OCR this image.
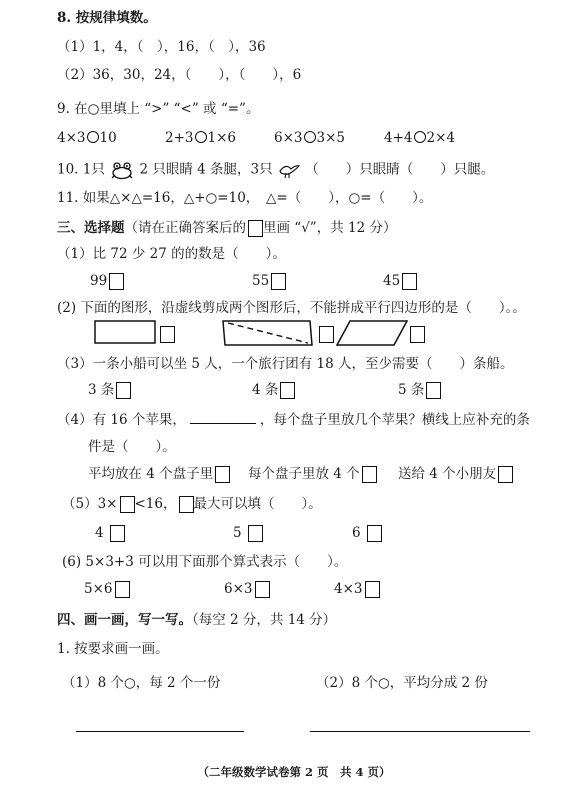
8. 按规律填数。
（1）1，4，（　），16，（　），36
（2）36，30，24，（　　），（　　），6
9. 在○里填上 “>” “<” 或 “=”。
4×3 10	2+3 1×6	6×3 3×5	4+4 2×4
10. 1只	2 只眼睛 4 条腿，3只 （　　）只眼睛（　　）只腿。
11. 如果△×△=16，△+○=10，　△=（　　），○=（　　）。
三、选择题（请在正确答案后的 里画 “√”，共 12 分）
（1）比 72 少 27 的的数是（　　）。
99	55	45
(2) 下面的图形，沿虚线剪成两个图形后，不能拼成平行四边形的是（　　）。。
（3）一条小船可以坐 5 人，一个旅行团有 18 人，至少需要（　　）条船。
3 条	4 条	5 条
（4）有 16 个苹果，	，每个盘子里放几个苹果？横线上应补充的条
件是（　　）。
平均放在 4 个盘子里	每个盘子里放 4 个	送给 4 个小朋友
（5）3× <16， 最大可以填（　　）。
4	5	6
(6) 5×3+3 可以用下面那个算式表示（　　）。
5×6	6×3	4×3
四、画一画，写一写。（每空 2 分，共 14 分）
1. 按要求画一画。
（1）8 个○，每 2 个一份	（2）8 个○，平均分成 2 份
（二年级数学试卷第 2 页　共 4 页）
